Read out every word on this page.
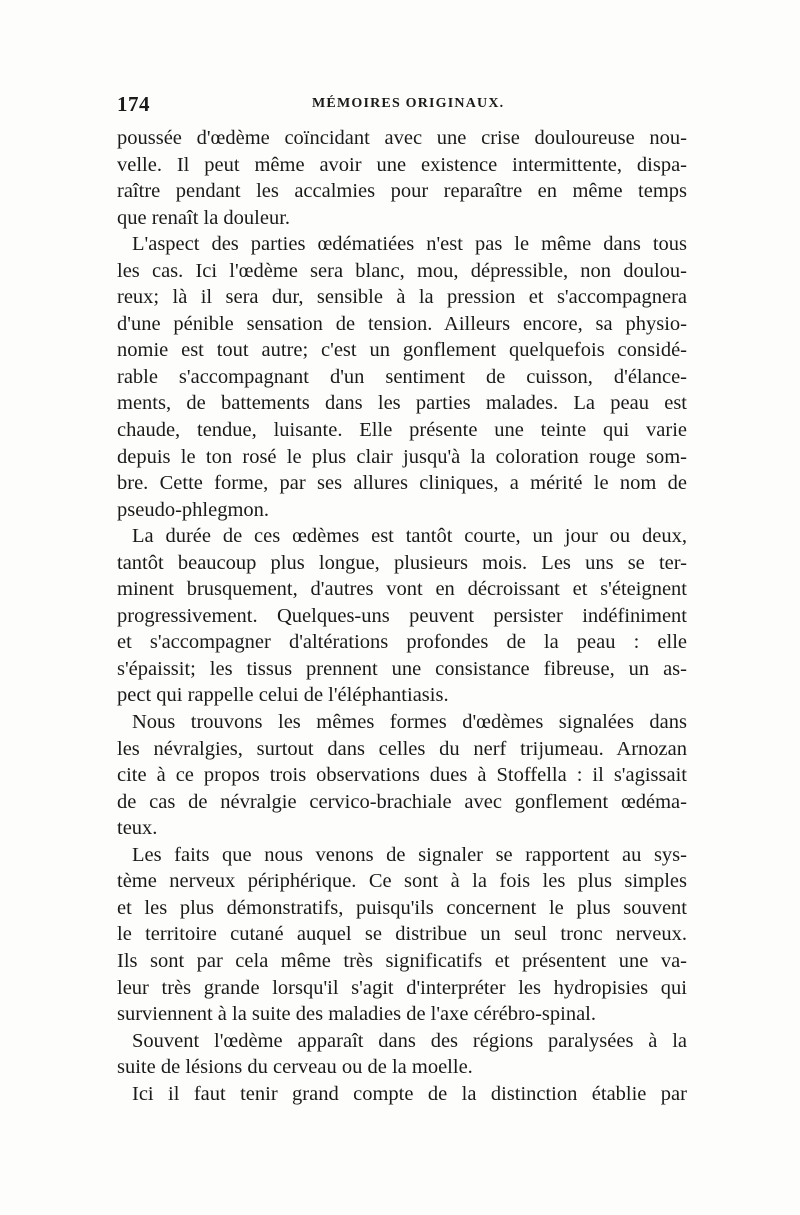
174	MÉMOIRES ORIGINAUX.
poussée d'œdème coïncidant avec une crise douloureuse nou-
velle. Il peut même avoir une existence intermittente, dispa-
raître pendant les accalmies pour reparaître en même temps
que renaît la douleur.
L'aspect des parties œdématiées n'est pas le même dans tous
les cas. Ici l'œdème sera blanc, mou, dépressible, non doulou-
reux; là il sera dur, sensible à la pression et s'accompagnera
d'une pénible sensation de tension. Ailleurs encore, sa physio-
nomie est tout autre; c'est un gonflement quelquefois considé-
rable s'accompagnant d'un sentiment de cuisson, d'élance-
ments, de battements dans les parties malades. La peau est
chaude, tendue, luisante. Elle présente une teinte qui varie
depuis le ton rosé le plus clair jusqu'à la coloration rouge som-
bre. Cette forme, par ses allures cliniques, a mérité le nom de
pseudo-phlegmon.
La durée de ces œdèmes est tantôt courte, un jour ou deux,
tantôt beaucoup plus longue, plusieurs mois. Les uns se ter-
minent brusquement, d'autres vont en décroissant et s'éteignent
progressivement. Quelques-uns peuvent persister indéfiniment
et s'accompagner d'altérations profondes de la peau : elle
s'épaissit; les tissus prennent une consistance fibreuse, un as-
pect qui rappelle celui de l'éléphantiasis.
Nous trouvons les mêmes formes d'œdèmes signalées dans
les névralgies, surtout dans celles du nerf trijumeau. Arnozan
cite à ce propos trois observations dues à Stoffella : il s'agissait
de cas de névralgie cervico-brachiale avec gonflement œdéma-
teux.
Les faits que nous venons de signaler se rapportent au sys-
tème nerveux périphérique. Ce sont à la fois les plus simples
et les plus démonstratifs, puisqu'ils concernent le plus souvent
le territoire cutané auquel se distribue un seul tronc nerveux.
Ils sont par cela même très significatifs et présentent une va-
leur très grande lorsqu'il s'agit d'interpréter les hydropisies qui
surviennent à la suite des maladies de l'axe cérébro-spinal.
Souvent l'œdème apparaît dans des régions paralysées à la
suite de lésions du cerveau ou de la moelle.
Ici il faut tenir grand compte de la distinction établie par
